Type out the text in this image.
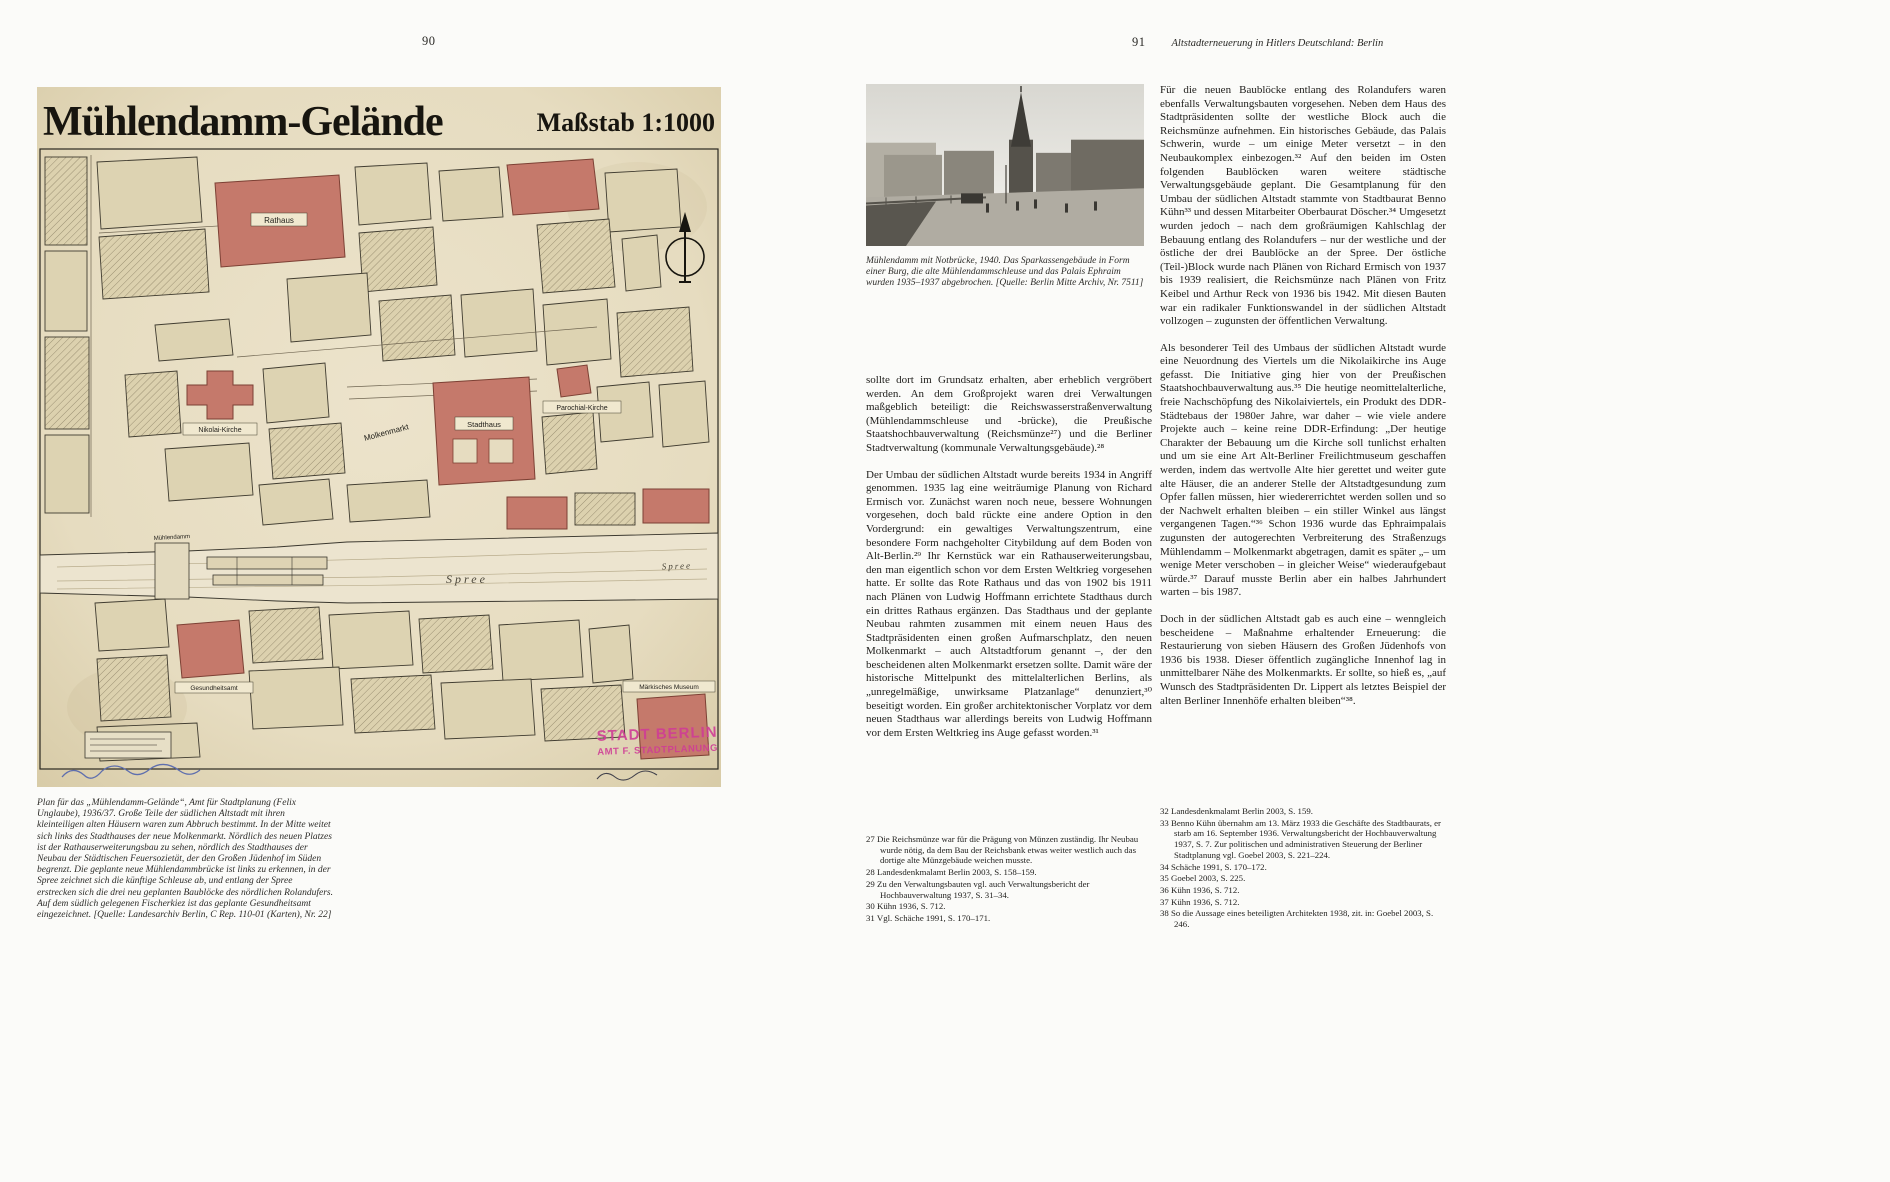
90
Mühlendamm-Gelände	Maßstab 1:1000
Rathaus
Nikolai-Kirche
Stadthaus
Molkenmarkt
Parochial-Kirche
Spree
Spree
Mühlendamm
Gesundheitsamt	Märkisches Museum
STADT BERLIN
AMT F. STADTPLANUNG
Plan für das „Mühlendamm-Gelände“, Amt für Stadtplanung (Felix Unglaube), 1936/37. Große Teile der südlichen Altstadt mit ihren kleinteiligen alten Häusern waren zum Abbruch bestimmt. In der Mitte weitet sich links des Stadthauses der neue Molkenmarkt. Nördlich des neuen Platzes ist der Rathauserweiterungsbau zu sehen, nördlich des Stadthauses der Neubau der Städtischen Feuersozietät, der den Großen Jüdenhof im Süden begrenzt. Die geplante neue Mühlendammbrücke ist links zu erkennen, in der Spree zeichnet sich die künftige Schleuse ab, und entlang der Spree erstrecken sich die drei neu geplanten Baublöcke des nördlichen Rolandufers. Auf dem südlich gelegenen Fischerkiez ist das geplante Gesundheitsamt eingezeichnet. [Quelle: Landesarchiv Berlin, C Rep. 110-01 (Karten), Nr. 22]
91 Altstadterneuerung in Hitlers Deutschland: Berlin
Mühlendamm mit Notbrücke, 1940. Das Sparkassengebäude in Form einer Burg, die alte Mühlendammschleuse und das Palais Ephraim wurden 1935–1937 abgebrochen. [Quelle: Berlin Mitte Archiv, Nr. 7511]

sollte dort im Grundsatz erhalten, aber erheblich vergröbert werden. An dem Großprojekt waren drei Verwaltungen maßgeblich beteiligt: die Reichswasserstraßenverwaltung (Mühlendammschleuse und -brücke), die Preußische Staatshochbauverwaltung (Reichsmünze²⁷) und die Berliner Stadtverwaltung (kommunale Verwaltungsgebäude).²⁸

Der Umbau der südlichen Altstadt wurde bereits 1934 in Angriff genommen. 1935 lag eine weiträumige Planung von Richard Ermisch vor. Zunächst waren noch neue, bessere Wohnungen vorgesehen, doch bald rückte eine andere Option in den Vordergrund: ein gewaltiges Verwaltungszentrum, eine besondere Form nachgeholter Citybildung auf dem Boden von Alt-Berlin.²⁹ Ihr Kernstück war ein Rathauserweiterungsbau, den man eigentlich schon vor dem Ersten Weltkrieg vorgesehen hatte. Er sollte das Rote Rathaus und das von 1902 bis 1911 nach Plänen von Ludwig Hoffmann errichtete Stadthaus durch ein drittes Rathaus ergänzen. Das Stadthaus und der geplante Neubau rahmten zusammen mit einem neuen Haus des Stadtpräsidenten einen großen Aufmarschplatz, den neuen Molkenmarkt – auch Altstadtforum genannt –, der den bescheidenen alten Molkenmarkt ersetzen sollte. Damit wäre der historische Mittelpunkt des mittelalterlichen Berlins, als „unregelmäßige, unwirksame Platzanlage“ denunziert,³⁰ beseitigt worden. Ein großer architektonischer Vorplatz vor dem neuen Stadthaus war allerdings bereits von Ludwig Hoffmann vor dem Ersten Weltkrieg ins Auge gefasst worden.³¹

Für die neuen Baublöcke entlang des Rolandufers waren ebenfalls Verwaltungsbauten vorgesehen. Neben dem Haus des Stadtpräsidenten sollte der westliche Block auch die Reichsmünze aufnehmen. Ein historisches Gebäude, das Palais Schwerin, wurde – um einige Meter versetzt – in den Neubaukomplex einbezogen.³² Auf den beiden im Osten folgenden Baublöcken waren weitere städtische Verwaltungsgebäude geplant. Die Gesamtplanung für den Umbau der südlichen Altstadt stammte von Stadtbaurat Benno Kühn³³ und dessen Mitarbeiter Oberbaurat Döscher.³⁴ Umgesetzt wurden jedoch – nach dem großräumigen Kahlschlag der Bebauung entlang des Rolandufers – nur der westliche und der östliche der drei Baublöcke an der Spree. Der östliche (Teil-)Block wurde nach Plänen von Richard Ermisch von 1937 bis 1939 realisiert, die Reichsmünze nach Plänen von Fritz Keibel und Arthur Reck von 1936 bis 1942. Mit diesen Bauten war ein radikaler Funktionswandel in der südlichen Altstadt vollzogen – zugunsten der öffentlichen Verwaltung.

Als besonderer Teil des Umbaus der südlichen Altstadt wurde eine Neuordnung des Viertels um die Nikolaikirche ins Auge gefasst. Die Initiative ging hier von der Preußischen Staatshochbauverwaltung aus.³⁵ Die heutige neomittelalterliche, freie Nachschöpfung des Nikolaiviertels, ein Produkt des DDR-Städtebaus der 1980er Jahre, war daher – wie viele andere Projekte auch – keine reine DDR-Erfindung: „Der heutige Charakter der Bebauung um die Kirche soll tunlichst erhalten und um sie eine Art Alt-Berliner Freilichtmuseum geschaffen werden, indem das wertvolle Alte hier gerettet und weiter gute alte Häuser, die an anderer Stelle der Altstadtgesundung zum Opfer fallen müssen, hier wiedererrichtet werden sollen und so der Nachwelt erhalten bleiben – ein stiller Winkel aus längst vergangenen Tagen.“³⁶ Schon 1936 wurde das Ephraimpalais zugunsten der autogerechten Verbreiterung des Straßenzugs Mühlendamm – Molkenmarkt abgetragen, damit es später „– um wenige Meter verschoben – in gleicher Weise“ wiederaufgebaut würde.³⁷ Darauf musste Berlin aber ein halbes Jahrhundert warten – bis 1987.

Doch in der südlichen Altstadt gab es auch eine – wenngleich bescheidene – Maßnahme erhaltender Erneuerung: die Restaurierung von sieben Häusern des Großen Jüdenhofs von 1936 bis 1938. Dieser öffentlich zugängliche Innenhof lag in unmittelbarer Nähe des Molkenmarkts. Er sollte, so hieß es, „auf Wunsch des Stadtpräsidenten Dr. Lippert als letztes Beispiel der alten Berliner Innenhöfe erhalten bleiben“³⁸.

27 Die Reichsmünze war für die Prägung von Münzen zuständig. Ihr Neubau wurde nötig, da dem Bau der Reichsbank etwas weiter westlich auch das dortige alte Münzgebäude weichen musste.
28 Landesdenkmalamt Berlin 2003, S. 158–159.
29 Zu den Verwaltungsbauten vgl. auch Verwaltungsbericht der Hochbauverwaltung 1937, S. 31–34.
30 Kühn 1936, S. 712.
31 Vgl. Schäche 1991, S. 170–171.
32 Landesdenkmalamt Berlin 2003, S. 159.
33 Benno Kühn übernahm am 13. März 1933 die Geschäfte des Stadtbaurats, er starb am 16. September 1936. Verwaltungsbericht der Hochbauverwaltung 1937, S. 7. Zur politischen und administrativen Steuerung der Berliner Stadtplanung vgl. Goebel 2003, S. 221–224.
34 Schäche 1991, S. 170–172.
35 Goebel 2003, S. 225.
36 Kühn 1936, S. 712.
37 Kühn 1936, S. 712.
38 So die Aussage eines beteiligten Architekten 1938, zit. in: Goebel 2003, S. 246.
